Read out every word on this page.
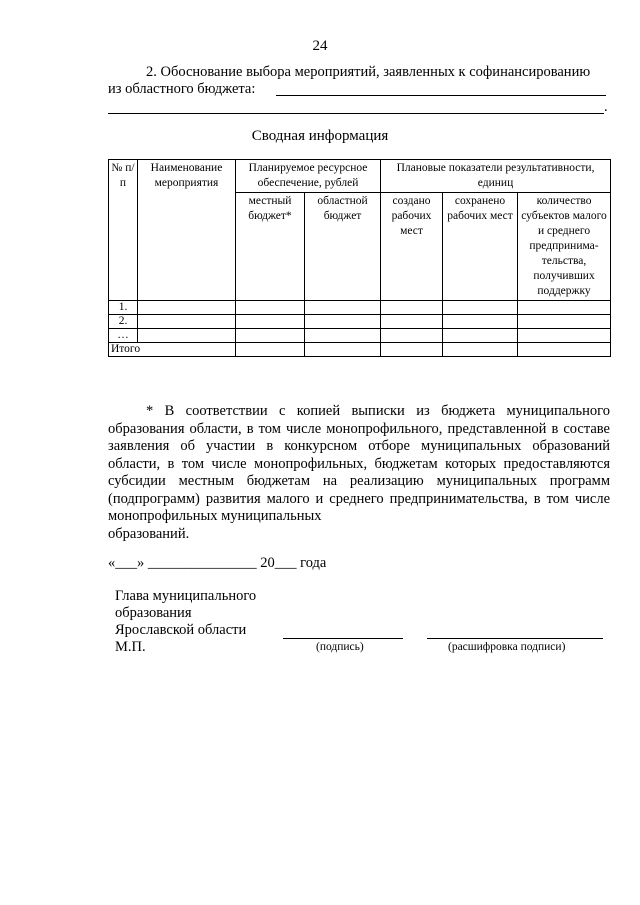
24
2. Обоснование выбора мероприятий, заявленных к софинансированию
из областного бюджета:
.
Сводная информация
№ п/п	Наименование мероприятия	Планируемое ресурсное обеспечение, рублей		Плановые показатели результативности, единиц		
		местный бюджет*	областной бюджет	создано рабочих мест	сохранено рабочих мест	количество субъектов малого и среднего предпринима-тельства, получивших поддержку
1.						
2.						
…						
Итого						
* В соответствии с копией выписки из бюджета муниципального образования области, в том числе монопрофильного, представленной в составе заявления об участии в конкурсном отборе муниципальных образований области, в том числе монопрофильных, бюджетам которых предоставляются субсидии местным бюджетам на реализацию муниципальных программ (подпрограмм) развития малого и среднего предпринимательства, в том числе монопрофильных муниципальных
образований.
«___» _______________ 20___ года
Глава муниципального
образования
Ярославской области
М.П.	(подпись)	(расшифровка подписи)
